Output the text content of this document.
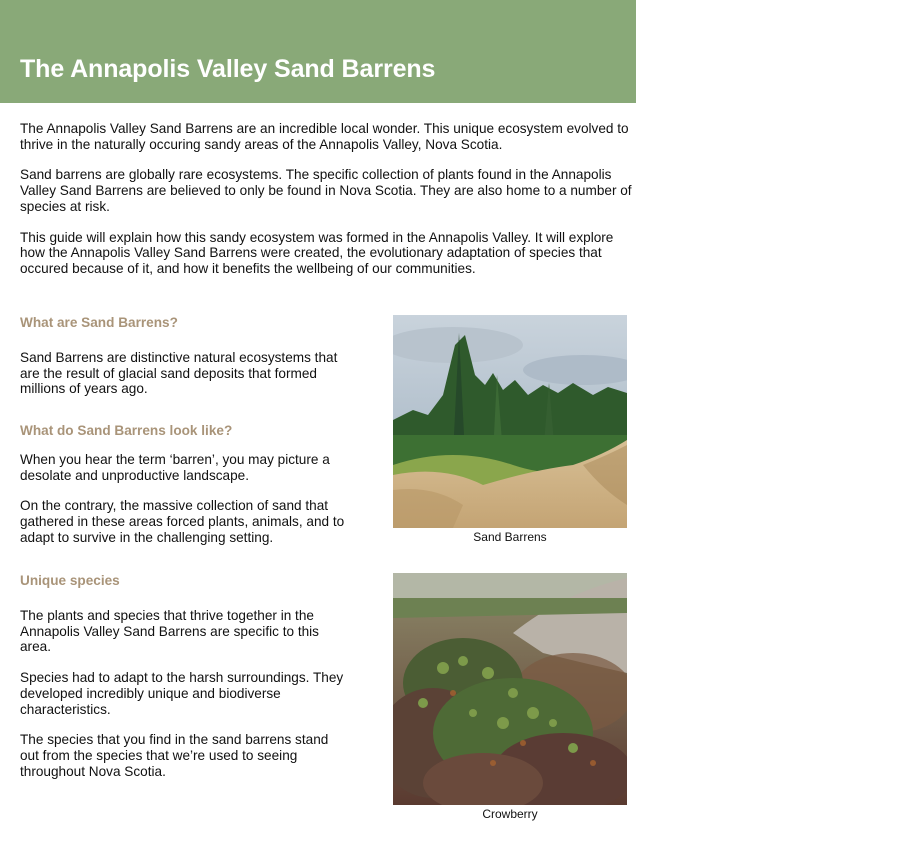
The Annapolis Valley Sand Barrens

The Annapolis Valley Sand Barrens are an incredible local wonder. This unique ecosystem evolved to thrive in the naturally occuring sandy areas of the Annapolis Valley, Nova Scotia.

Sand barrens are globally rare ecosystems. The specific collection of plants found in the Annapolis Valley Sand Barrens are believed to only be found in Nova Scotia. They are also home to a number of species at risk.

This guide will explain how this sandy ecosystem was formed in the Annapolis Valley. It will explore how the Annapolis Valley Sand Barrens were created, the evolutionary adaptation of species that occured because of it, and how it benefits the wellbeing of our communities.

What are Sand Barrens?

Sand Barrens are distinctive natural ecosystems that are the result of glacial sand deposits that formed millions of years ago.

What do Sand Barrens look like?

When you hear the term ‘barren’, you may picture a desolate and unproductive landscape.

On the contrary, the massive collection of sand that gathered in these areas forced plants, animals, and to adapt to survive in the challenging setting.

Unique species

The plants and species that thrive together in the Annapolis Valley Sand Barrens are specific to this area.

Species had to adapt to the harsh surroundings. They developed incredibly unique and biodiverse characteristics.

The species that you find in the sand barrens stand out from the species that we’re used to seeing throughout Nova Scotia.

Sand Barrens
Crowberry
